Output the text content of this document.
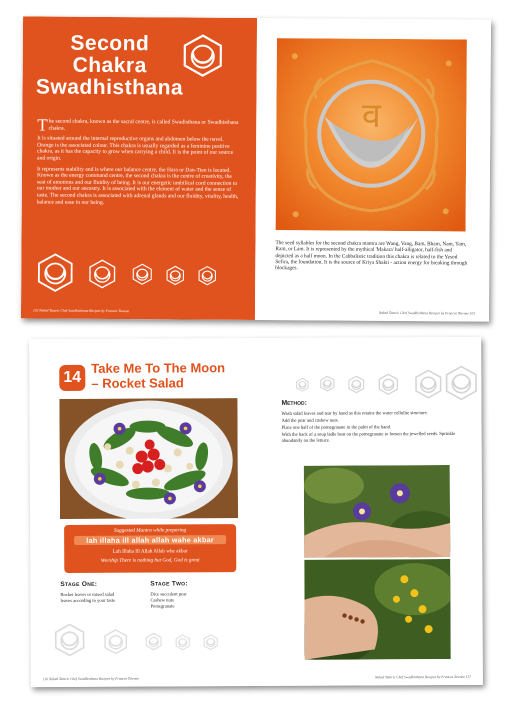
Second
Chakra
Swadhisthana

The second chakra, known as the sacral centre, is called Swadisthana or Swadhisthana chakra.

It is situated around the internal reproductive organs and abdomen below the navel. Orange is the associated colour. This chakra is usually regarded as a feminine positive chakra, as it has the capacity to grow when carrying a child. It is the point of our source and origin.

It represents stability and is where our balance centre, the Hara or Dan-Tien is located. Known as the energy command centre, the second chakra is the centre of creativity, the seat of emotions and our fluidity of being. It is our energetic umbilical cord connection to our mother and our ancestry. It is associated with the element of water and the sense of taste. The second chakra is associated with adrenal glands and our fluidity, vitality, health, balance and ease in our being.

102 Naked Tantric Chef Swadhisthana Recipes by Frances Tawnee
व
The seed syllables for the second chakra mantra are Wang, Vang, Bam, Bham, Nam, Yam, Ram, or Lam. It is represented by the mythical 'Makara' half-alligator, half-fish and depicted as a half moon. In the Cabbalistic tradition this chakra is related to the Yesod Sefira, the foundation. It is the source of Kriya Shakti - action energy for breaking through blockages.
Naked Tantric Chef Swadhisthana Recipes by Frances Tawnee 103
14
Take Me To The Moon
– Rocket Salad
Suggested Mantra while preparing
lah illaha ill allah allah wahe akbar
Lah Illaha Ill Allah Allah whe akbar
Worship There is nothing but God, God is great
Stage One:
Rocket leaves or mixed salad
leaves according to your taste
Stage Two:
Dice succulent pear
Cashew nuts
Pomegranate
116 Naked Tantric Chef Swadhisthana Recipes by Frances Tawnee
Method:

Wash salad leaves and tear by hand as this retains the water cellulite structure.

Add the pear and cashew nuts.

Place one half of the pomegranate in the palm of the hand.

With the back of a soup ladle beat on the pomegranate to loosen the jewelled seeds. Sprinkle abundantly on the lettuce.

Naked Tantric Chef Swadhisthana Recipes by Frances Tawnee 117
